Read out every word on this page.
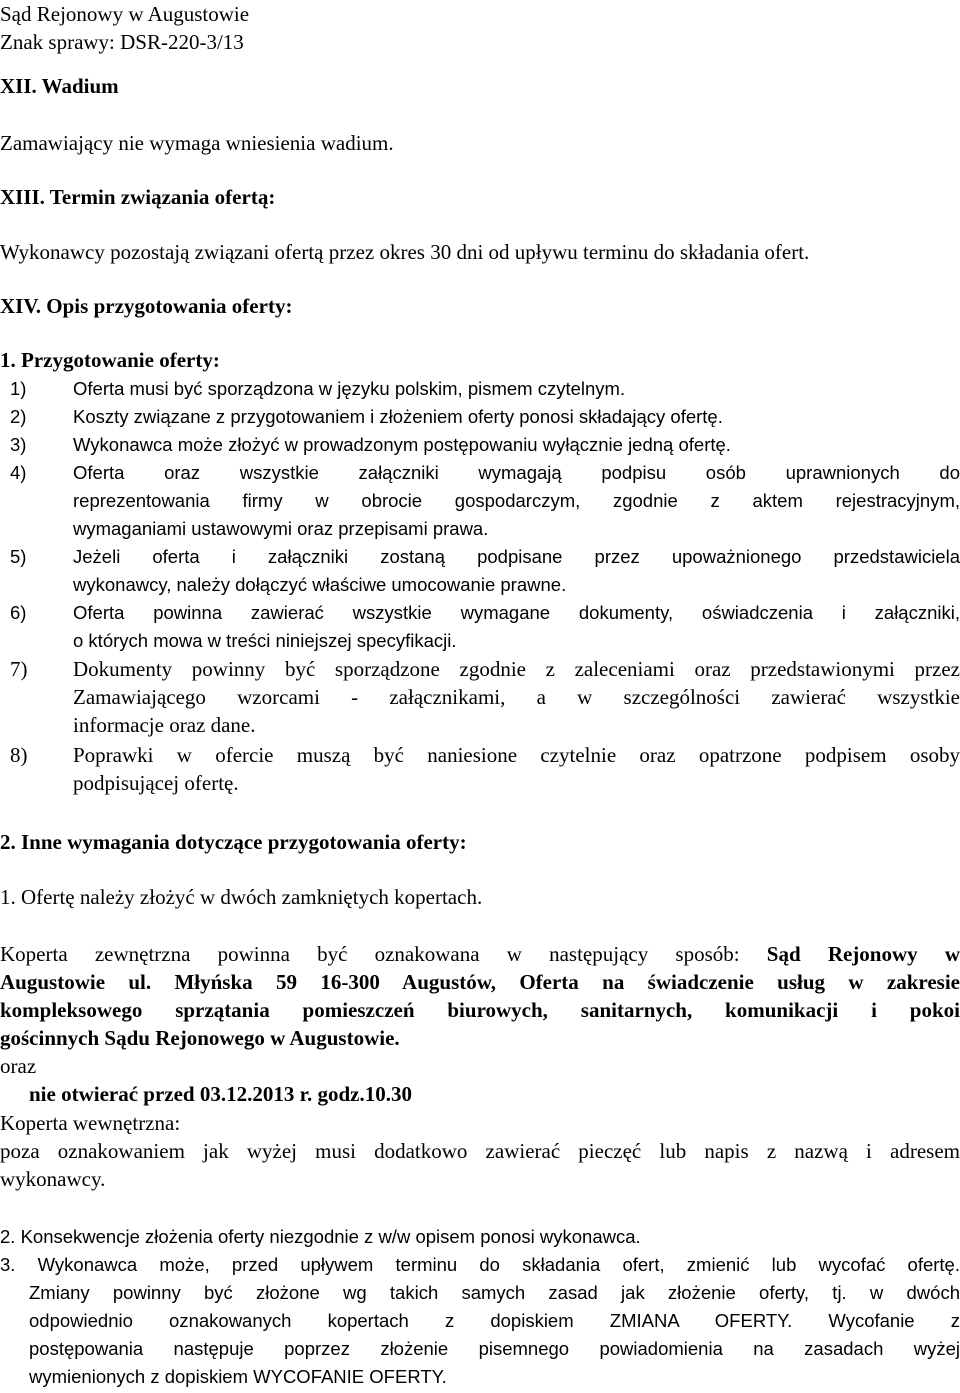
Sąd Rejonowy w Augustowie
Znak sprawy: DSR-220-3/13
XII. Wadium
Zamawiający nie wymaga wniesienia wadium.
XIII. Termin związania ofertą:
Wykonawcy pozostają związani ofertą przez okres 30 dni od upływu terminu do składania ofert.
XIV. Opis przygotowania oferty:
1. Przygotowanie oferty:
1)	Oferta musi być sporządzona w języku polskim, pismem czytelnym.
2)	Koszty związane z przygotowaniem i złożeniem oferty ponosi składający ofertę.
3)	Wykonawca może złożyć w prowadzonym postępowaniu wyłącznie jedną ofertę.
4)	Oferta oraz wszystkie załączniki wymagają podpisu osób uprawnionych do
reprezentowania firmy w obrocie gospodarczym, zgodnie z aktem rejestracyjnym,
wymaganiami ustawowymi oraz przepisami prawa.
5)	Jeżeli oferta i załączniki zostaną podpisane przez upoważnionego przedstawiciela
wykonawcy, należy dołączyć właściwe umocowanie prawne.
6)	Oferta powinna zawierać wszystkie wymagane dokumenty, oświadczenia i załączniki,
o których mowa w treści niniejszej specyfikacji.
7) Dokumenty powinny być sporządzone zgodnie z zaleceniami oraz przedstawionymi przez
Zamawiającego wzorcami - załącznikami, a w szczególności zawierać wszystkie
informacje oraz dane.
8) Poprawki w ofercie muszą być naniesione czytelnie oraz opatrzone podpisem osoby
podpisującej ofertę.
2. Inne wymagania dotyczące przygotowania oferty:
1. Ofertę należy złożyć w dwóch zamkniętych kopertach.

Koperta zewnętrzna powinna być oznakowana w następujący sposób: Sąd Rejonowy w

Augustowie ul. Młyńska 59 16-300 Augustów, Oferta na świadczenie usług w zakresie

kompleksowego sprzątania pomieszczeń biurowych, sanitarnych, komunikacji i pokoi

gościnnych Sądu Rejonowego w Augustowie.

oraz

nie otwierać przed 03.12.2013 r. godz.10.30

Koperta wewnętrzna:

poza oznakowaniem jak wyżej musi dodatkowo zawierać pieczęć lub napis z nazwą i adresem

wykonawcy.

2. Konsekwencje złożenia oferty niezgodnie z w/w opisem ponosi wykonawca.

3. Wykonawca może, przed upływem terminu do składania ofert, zmienić lub wycofać ofertę.

Zmiany powinny być złożone wg takich samych zasad jak złożenie oferty, tj. w dwóch

odpowiednio oznakowanych kopertach z dopiskiem ZMIANA OFERTY. Wycofanie z

postępowania następuje poprzez złożenie pisemnego powiadomienia na zasadach wyżej

wymienionych z dopiskiem WYCOFANIE OFERTY.
